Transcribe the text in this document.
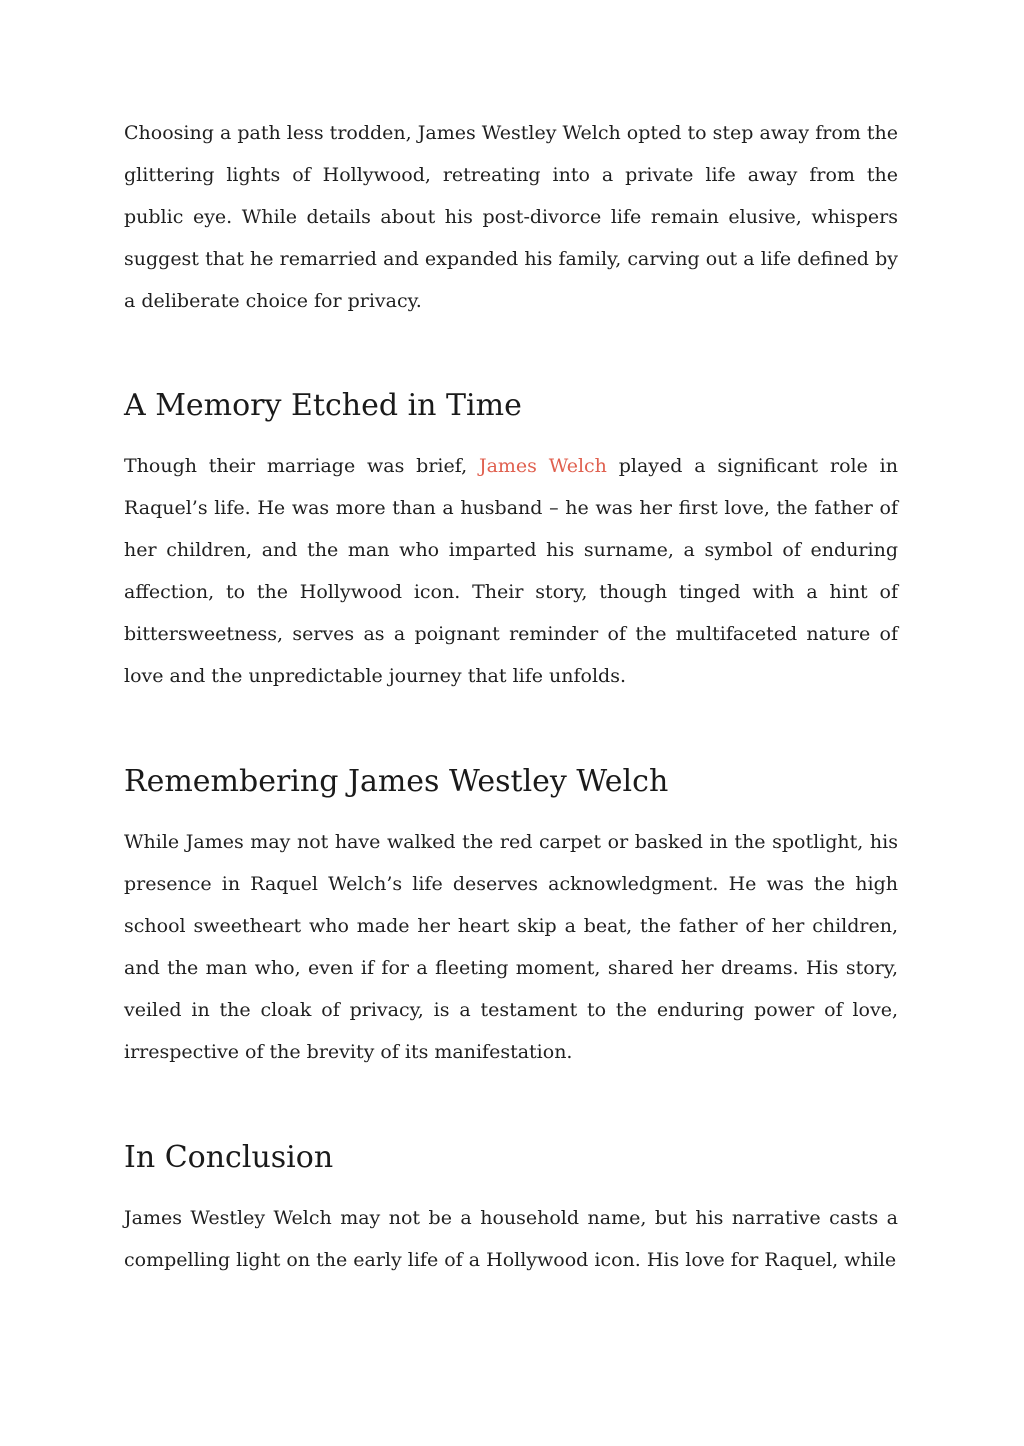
Choosing a path less trodden, James Westley Welch opted to step away from the glittering lights of Hollywood, retreating into a private life away from the public eye. While details about his post-divorce life remain elusive, whispers suggest that he remarried and expanded his family, carving out a life defined by a deliberate choice for privacy.

A Memory Etched in Time

Though their marriage was brief, James Welch played a significant role in Raquel’s life. He was more than a husband – he was her first love, the father of her children, and the man who imparted his surname, a symbol of enduring affection, to the Hollywood icon. Their story, though tinged with a hint of bittersweetness, serves as a poignant reminder of the multifaceted nature of love and the unpredictable journey that life unfolds.

Remembering James Westley Welch

While James may not have walked the red carpet or basked in the spotlight, his presence in Raquel Welch’s life deserves acknowledgment. He was the high school sweetheart who made her heart skip a beat, the father of her children, and the man who, even if for a fleeting moment, shared her dreams. His story, veiled in the cloak of privacy, is a testament to the enduring power of love, irrespective of the brevity of its manifestation.

In Conclusion

James Westley Welch may not be a household name, but his narrative casts a compelling light on the early life of a Hollywood icon. His love for Raquel, while
